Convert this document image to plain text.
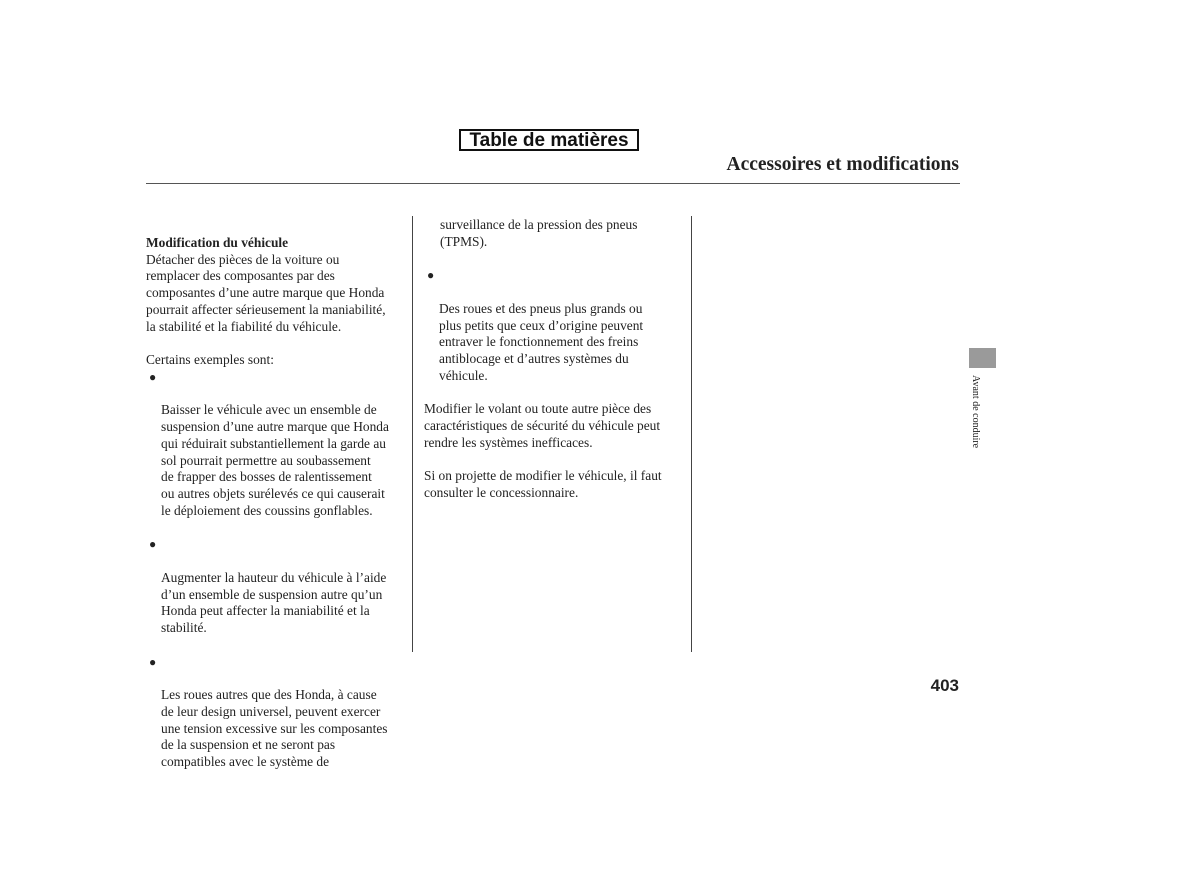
Table de matières
Accessoires et modifications

Modification du véhicule
Détacher des pièces de la voiture ou
remplacer des composantes par des
composantes d’une autre marque que Honda
pourrait affecter sérieusement la maniabilité,
la stabilité et la fiabilité du véhicule.

Certains exemples sont:

●

Baisser le véhicule avec un ensemble de
suspension d’une autre marque que Honda
qui réduirait substantiellement la garde au
sol pourrait permettre au soubassement
de frapper des bosses de ralentissement
ou autres objets surélevés ce qui causerait
le déploiement des coussins gonflables.

●

Augmenter la hauteur du véhicule à l’aide
d’un ensemble de suspension autre qu’un
Honda peut affecter la maniabilité et la
stabilité.

●

Les roues autres que des Honda, à cause
de leur design universel, peuvent exercer
une tension excessive sur les composantes
de la suspension et ne seront pas
compatibles avec le système de

surveillance de la pression des pneus
(TPMS).

●

Des roues et des pneus plus grands ou
plus petits que ceux d’origine peuvent
entraver le fonctionnement des freins
antiblocage et d’autres systèmes du
véhicule.

Modifier le volant ou toute autre pièce des
caractéristiques de sécurité du véhicule peut
rendre les systèmes inefficaces.
Si on projette de modifier le véhicule, il faut
consulter le concessionnaire.
Avant de conduire
403
